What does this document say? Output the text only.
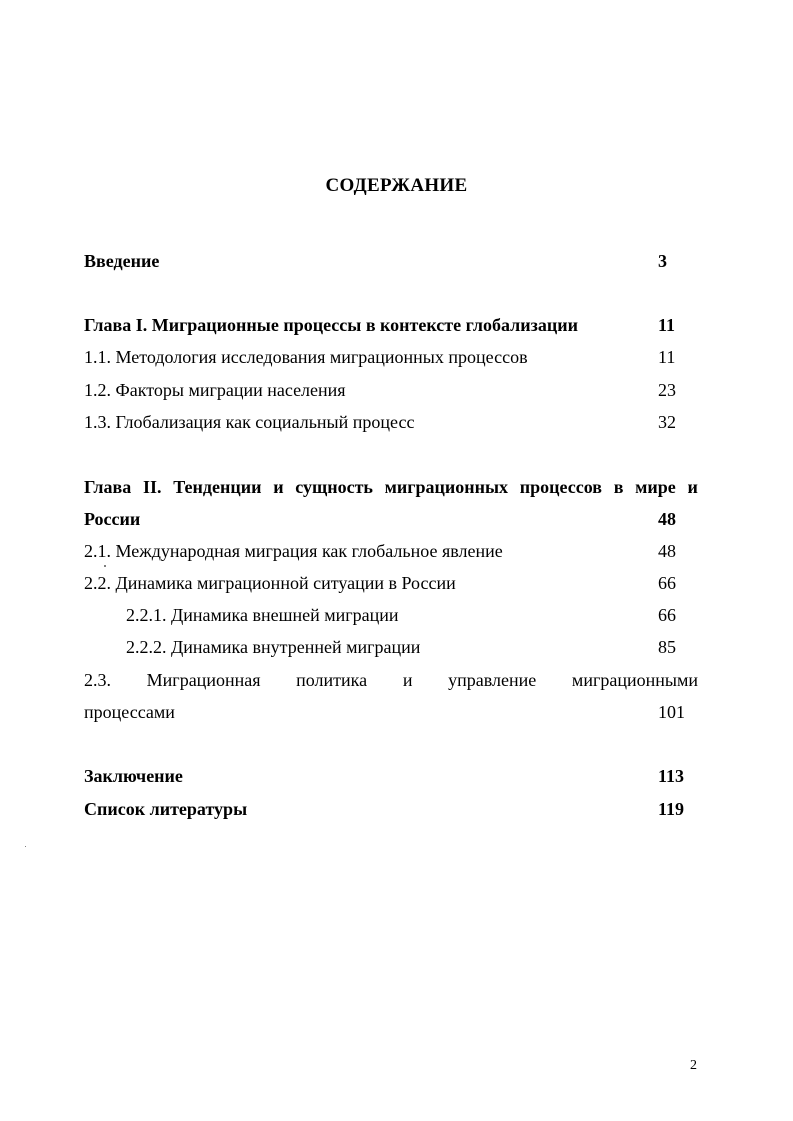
СОДЕРЖАНИЕ
Введение	3
Глава I. Миграционные процессы в контексте глобализации	11
1.1. Методология исследования миграционных процессов	11
1.2. Факторы миграции населения	23
1.3. Глобализация как социальный процесс	32
Глава II. Тенденции и сущность миграционных процессов в мире и
России	48
2.1. Международная миграция как глобальное явление	48
2.2. Динамика миграционной ситуации в России	66
2.2.1. Динамика внешней миграции	66
2.2.2. Динамика внутренней миграции	85
2.3. Миграционная политика и управление миграционными
процессами	101
Заключение	113
Список литературы	119
2
